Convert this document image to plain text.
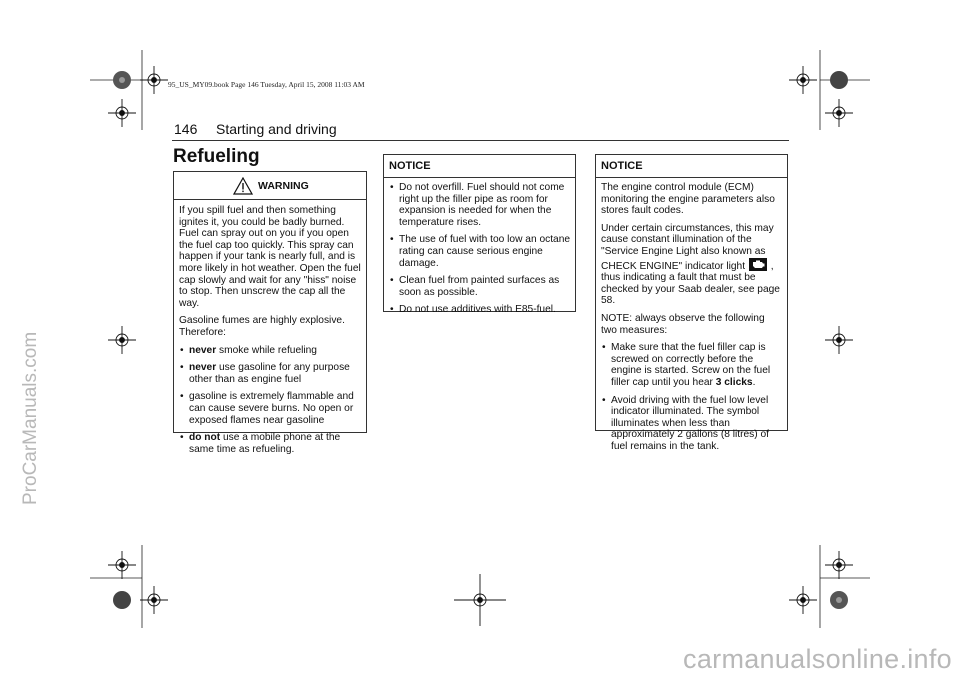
95_US_MY09.book Page 146 Tuesday, April 15, 2008 11:03 AM
146 Starting and driving
Refueling
WARNING

If you spill fuel and then something ignites it, you could be badly burned. Fuel can spray out on you if you open the fuel cap too quickly. This spray can happen if your tank is nearly full, and is more likely in hot weather. Open the fuel cap slowly and wait for any "hiss" noise to stop. Then unscrew the cap all the way.

Gasoline fumes are highly explosive. Therefore:

• never smoke while refueling
• never use gasoline for any purpose other than as engine fuel
• gasoline is extremely flammable and can cause severe burns. No open or exposed flames near gasoline
• do not use a mobile phone at the same time as refueling.
NOTICE
• Do not overfill. Fuel should not come right up the filler pipe as room for expansion is needed for when the temperature rises.
• The use of fuel with too low an octane rating can cause serious engine damage.
• Clean fuel from painted surfaces as soon as possible.
• Do not use additives with E85-fuel.
NOTICE

The engine control module (ECM) monitoring the engine parameters also stores fault codes.

Under certain circumstances, this may cause constant illumination of the "Service Engine Light also known as CHECK ENGINE" indicator light	, thus indicating a fault that must be checked by your Saab dealer, see page 58.

NOTE: always observe the following two measures:

• Make sure that the fuel filler cap is screwed on correctly before the engine is started. Screw on the fuel filler cap until you hear 3 clicks.
• Avoid driving with the fuel low level indicator illuminated. The symbol illuminates when less than approximately 2 gallons (8 litres) of fuel remains in the tank.
ProCarManuals.com
carmanualsonline.info
